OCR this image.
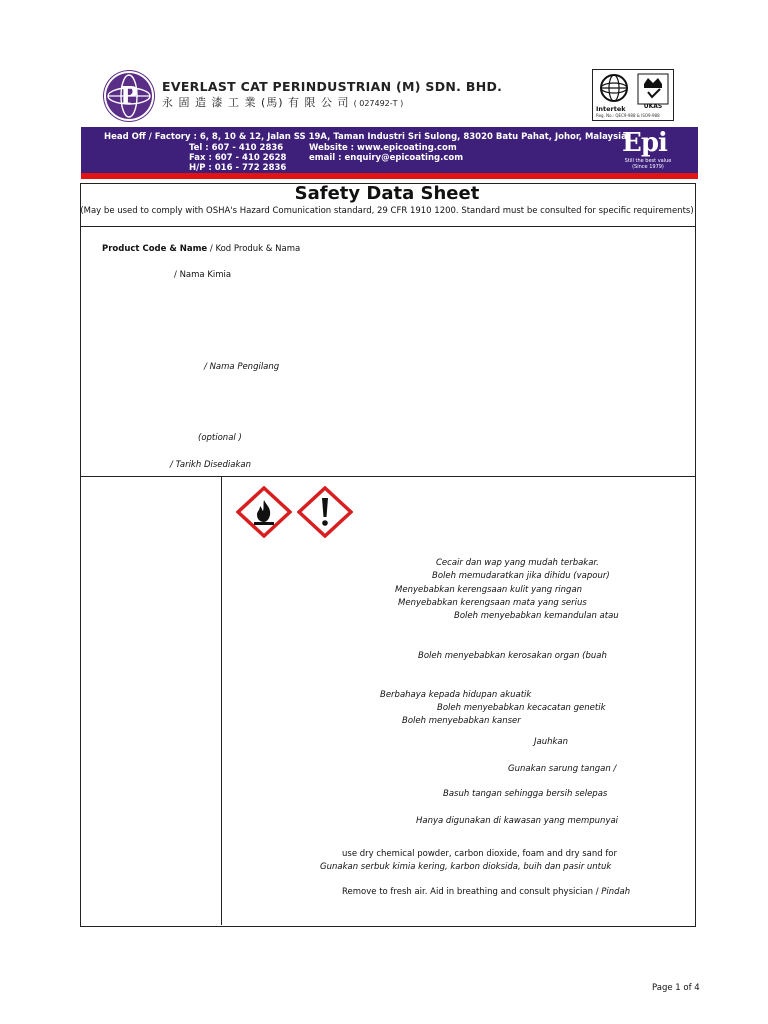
P EVERLAST CAT PERINDUSTRIAN (M) SDN. BHD.
永 固 造 漆 工 業 (馬) 有 限 公 司 ( 027492-T )	UKAS
Intertek
Reg. No.: QEC9-988 & ISO9-988
Head Off / Factory : 6, 8, 10 & 12, Jalan SS 19A, Taman Industri Sri Sulong, 83020 Batu Pahat, Johor, Malaysia.
Tel : 607 - 410 2836
Fax : 607 - 410 2628
H/P : 016 - 772 2836
Website : www.epicoating.com
email : enquiry@epicoating.com	Epi
Still the best value
(Since 1979)
Safety Data Sheet
(May be used to comply with OSHA's Hazard Comunication standard, 29 CFR 1910 1200. Standard must be consulted for specific requirements)
Product Code & Name / Kod Produk & Nama
/ Nama Kimia
/ Nama Pengilang
(optional )
/ Tarikh Disediakan
Cecair dan wap yang mudah terbakar.
Boleh memudaratkan jika dihidu (vapour)
Menyebabkan kerengsaan kulit yang ringan
Menyebabkan kerengsaan mata yang serius
Boleh menyebabkan kemandulan atau
Boleh menyebabkan kerosakan organ (buah
Berbahaya kepada hidupan akuatik
Boleh menyebabkan kecacatan genetik
Boleh menyebabkan kanser
Jauhkan
Gunakan sarung tangan /
Basuh tangan sehingga bersih selepas
Hanya digunakan di kawasan yang mempunyai
use dry chemical powder, carbon dioxide, foam and dry sand for
Gunakan serbuk kimia kering, karbon dioksida, buih dan pasir untuk
Remove to fresh air. Aid in breathing and consult physician / Pindah
Page 1 of 4
